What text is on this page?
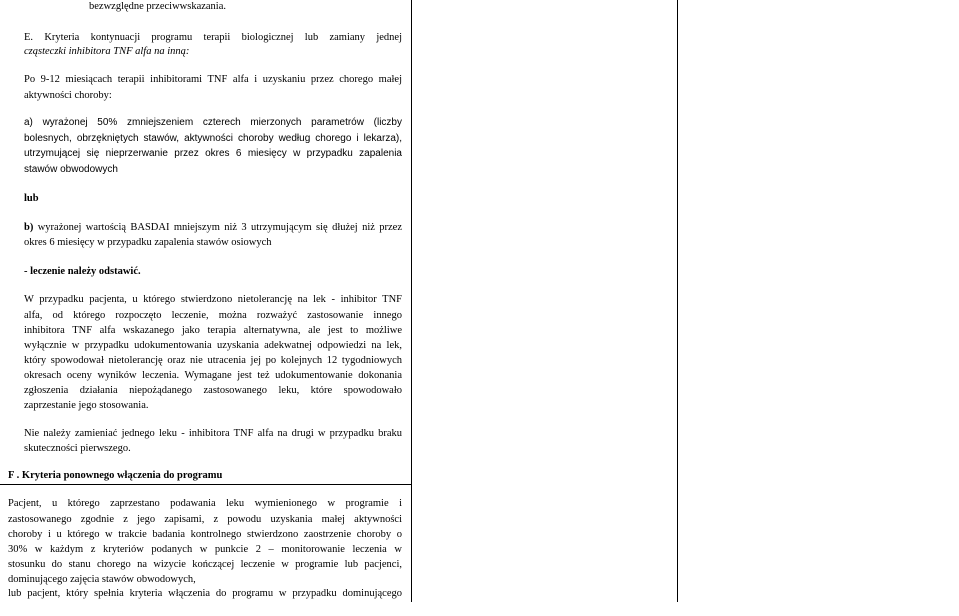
bezwzględne przeciwwskazania.

E. Kryteria kontynuacji programu terapii biologicznej lub zamiany jednej

cząsteczki inhibitora TNF alfa na inną:

Po 9-12 miesiącach terapii inhibitorami TNF alfa i uzyskaniu przez chorego małej

aktywności choroby:

a) wyrażonej 50% zmniejszeniem czterech mierzonych parametrów (liczby

bolesnych, obrzękniętych stawów, aktywności choroby według chorego i lekarza),

utrzymującej się nieprzerwanie przez okres 6 miesięcy w przypadku zapalenia

stawów obwodowych

lub

b) wyrażonej wartością BASDAI mniejszym niż 3 utrzymującym się dłużej niż przez

okres 6 miesięcy w przypadku zapalenia stawów osiowych

- leczenie należy odstawić.

W przypadku pacjenta, u którego stwierdzono nietolerancję na lek - inhibitor TNF

alfa, od którego rozpoczęto leczenie, można rozważyć zastosowanie innego

inhibitora TNF alfa wskazanego jako terapia alternatywna, ale jest to możliwe

wyłącznie w przypadku udokumentowania uzyskania adekwatnej odpowiedzi na lek,

który spowodował nietolerancję oraz nie utracenia jej po kolejnych 12 tygodniowych

okresach oceny wyników leczenia. Wymagane jest też udokumentowanie dokonania

zgłoszenia działania niepożądanego zastosowanego leku, które spowodowało

zaprzestanie jego stosowania.

Nie należy zamieniać jednego leku - inhibitora TNF alfa na drugi w przypadku braku

skuteczności pierwszego.

F . Kryteria ponownego włączenia do programu

Pacjent, u którego zaprzestano podawania leku wymienionego w programie i

zastosowanego zgodnie z jego zapisami, z powodu uzyskania małej aktywności

choroby i u którego w trakcie badania kontrolnego stwierdzono zaostrzenie choroby o

30% w każdym z kryteriów podanych w punkcie 2 – monitorowanie leczenia w

stosunku do stanu chorego na wizycie kończącej leczenie w programie lub pacjenci,

dominującego zajęcia stawów obwodowych,

lub pacjent, który spełnia kryteria włączenia do programu w przypadku dominującego
